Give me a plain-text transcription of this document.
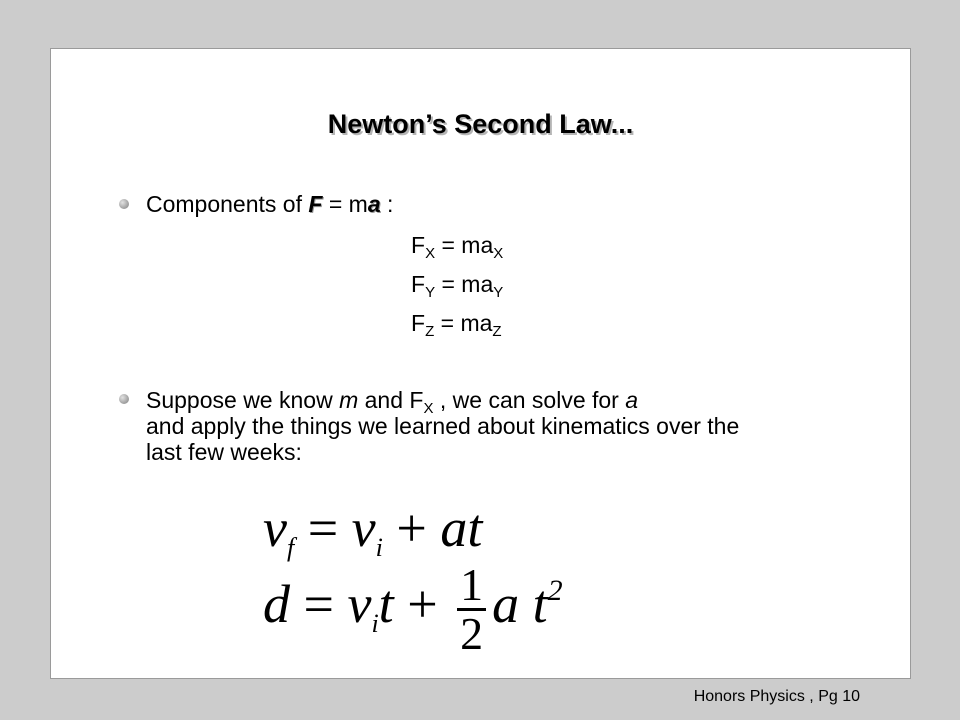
Newton’s Second Law...
Components of F = ma :
$F_X = ma_X$
$F_Y = ma_Y$
$F_Z = ma_Z$
Suppose we know m and $F_X$ , we can solve for a
and apply the things we learned about kinematics over the
last few weeks:
$v_f = v_i$ + at
$d = v_it + \frac{1}{2}$ a $t^2$
Honors Physics , Pg 10
